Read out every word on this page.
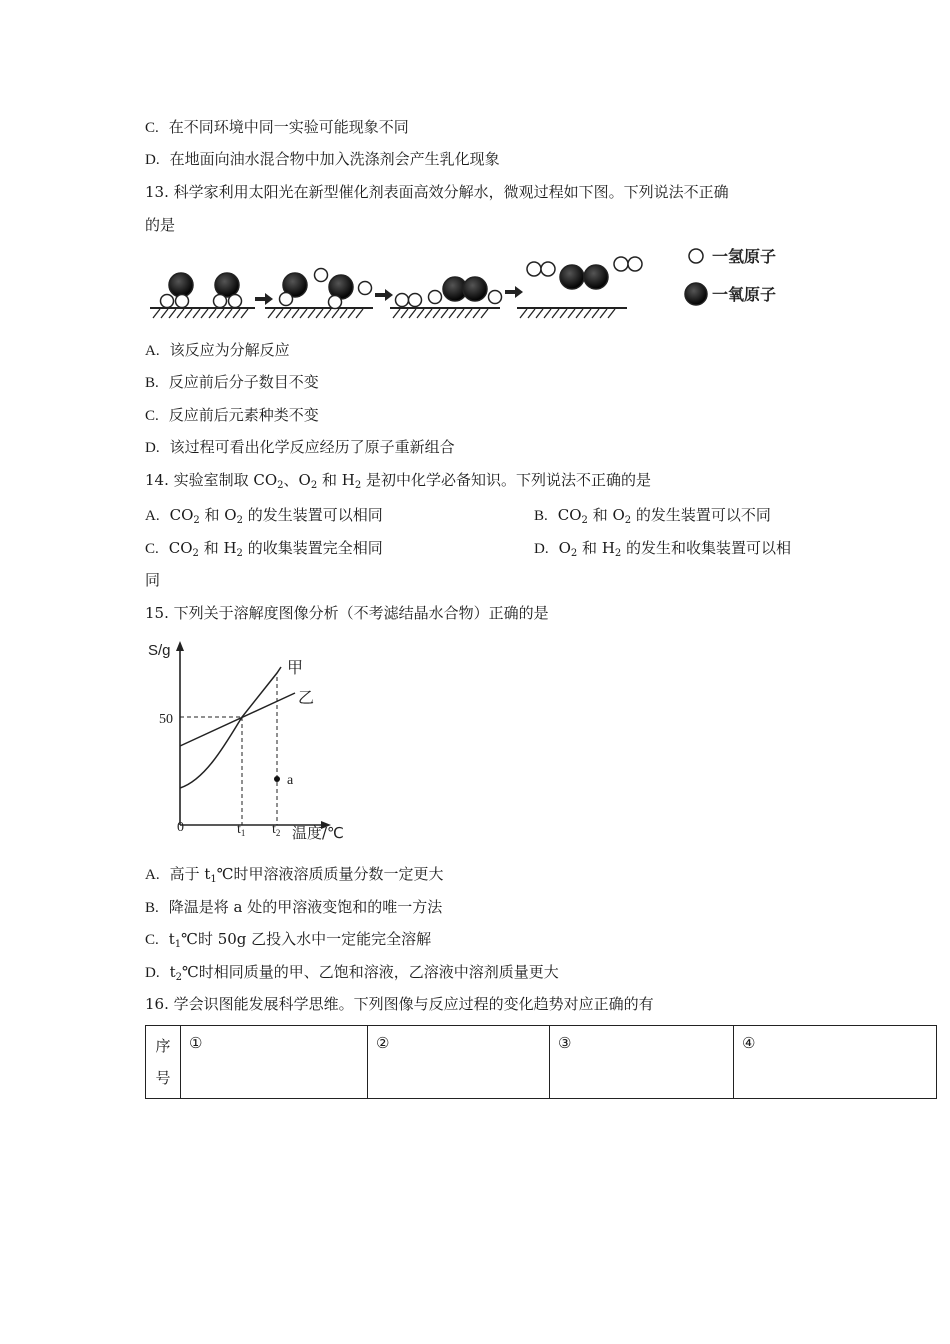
C. 在不同环境中同一实验可能现象不同
D. 在地面向油水混合物中加入洗涤剂会产生乳化现象
13. 科学家利用太阳光在新型催化剂表面高效分解水，微观过程如下图。下列说法不正确
的是
一氢原子
一氧原子
A. 该反应为分解反应
B. 反应前后分子数目不变
C. 反应前后元素种类不变
D. 该过程可看出化学反应经历了原子重新组合
14. 实验室制取 $CO_2$、$O_2$ 和 $H_2$ 是初中化学必备知识。下列说法不正确的是
A. $CO_2$ 和 $O_2$ 的发生装置可以相同	B. $CO_2$ 和 $O_2$ 的发生装置可以不同
C. $CO_2$ 和 $H_2$ 的收集装置完全相同	D. $O_2$ 和 $H_2$ 的发生和收集装置可以相
同
15. 下列关于溶解度图像分析（不考滤结晶水合物）正确的是
S/g
50
0	$t_1$ $t_2$ 温度/℃
甲
乙
a
A. 高于 $t_1℃$时甲溶液溶质质量分数一定更大
B. 降温是将 a 处的甲溶液变饱和的唯一方法
C. $t_1℃$时 50g 乙投入水中一定能完全溶解
D. $t_2℃$时相同质量的甲、乙饱和溶液，乙溶液中溶剂质量更大
16. 学会识图能发展科学思维。下列图像与反应过程的变化趋势对应正确的有
序
号
	①	②	③	④
